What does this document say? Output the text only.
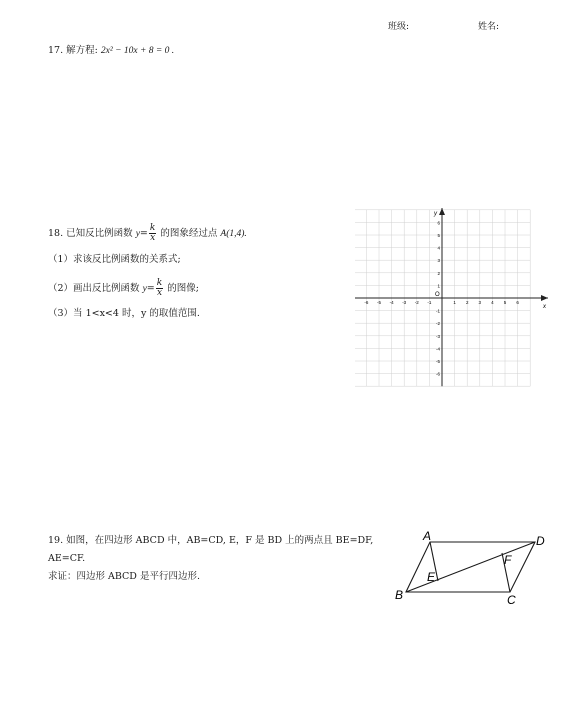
班级:	姓名:
17. 解方程: 2x² − 10x + 8 = 0 .
18. 已知反比例函数 $y= \frac{k}{x}$ 的图象经过点 A(1,4).
（1）求该反比例函数的关系式;
（2）画出反比例函数 $y= \frac{k}{x}$ 的图像;
（3）当 1<x<4 时，y 的取值范围.
x
y
O
-6 -5 -4 -3 -2 -1	1 2 3 4 5 6
6
5
4
3
2
1
-1
-2
-3
-4
-5
-6
19. 如图，在四边形 ABCD 中，AB=CD, E，F 是 BD 上的两点且 BE=DF,
AE=CF.
求证：四边形 ABCD 是平行四边形.
A	D
B	C
E
F
